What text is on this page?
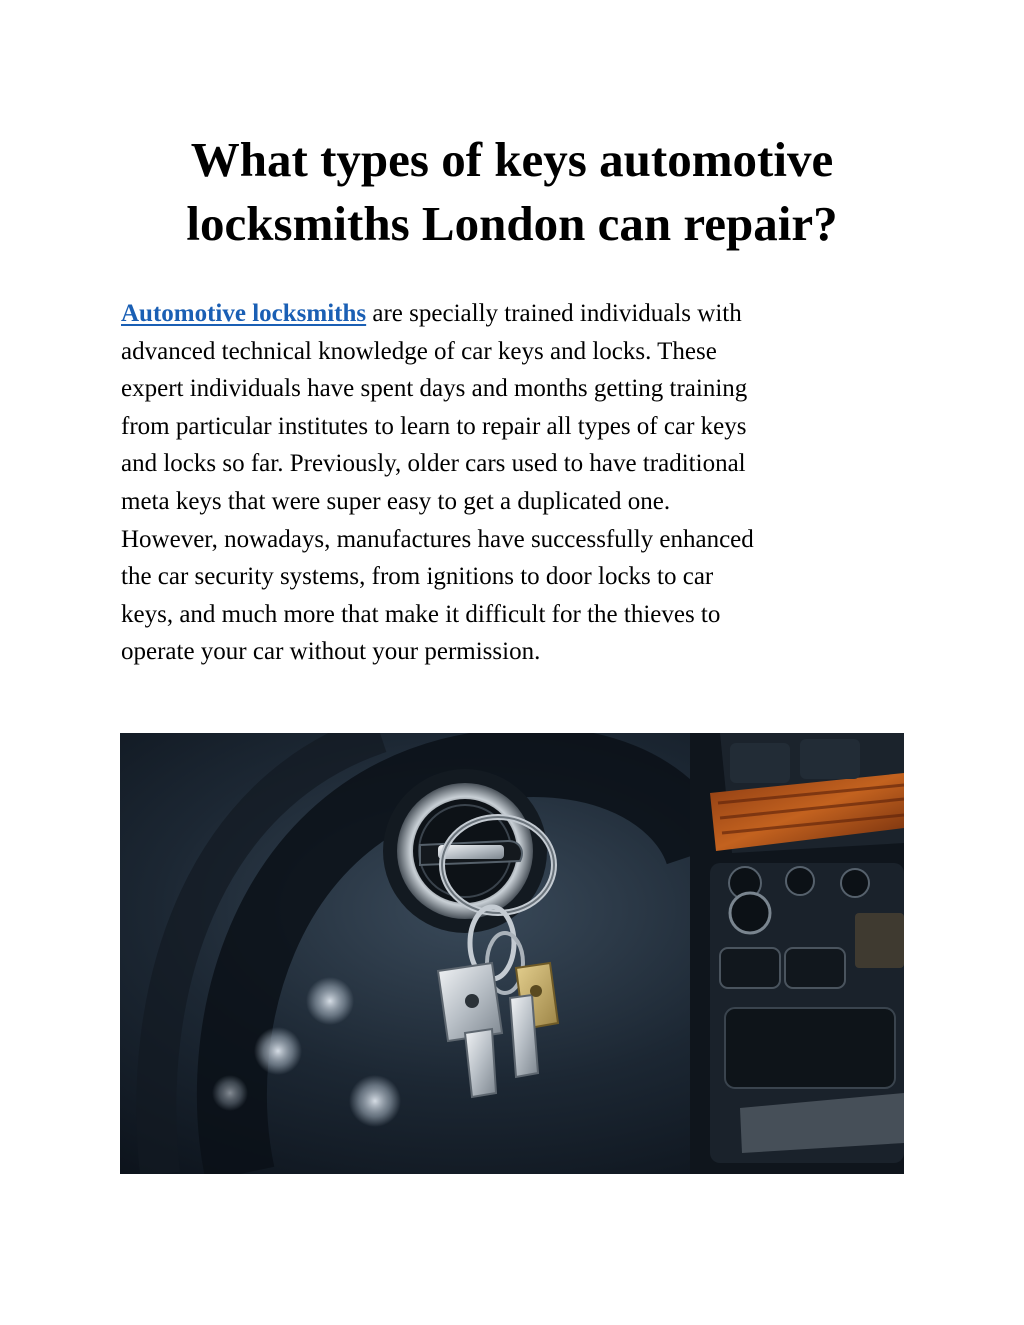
What types of keys automotive
locksmiths London can repair?
Automotive locksmiths are specially trained individuals with
advanced technical knowledge of car keys and locks. These
expert individuals have spent days and months getting training
from particular institutes to learn to repair all types of car keys
and locks so far. Previously, older cars used to have traditional
meta keys that were super easy to get a duplicated one.
However, nowadays, manufactures have successfully enhanced
the car security systems, from ignitions to door locks to car
keys, and much more that make it difficult for the thieves to
operate your car without your permission.
